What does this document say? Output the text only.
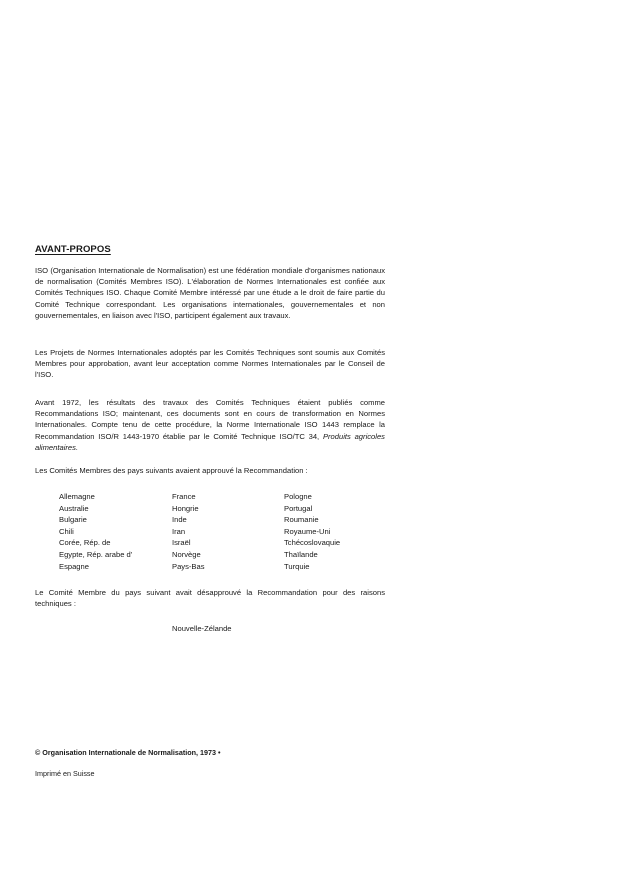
AVANT-PROPOS

ISO (Organisation Internationale de Normalisation) est une fédération mondiale d'organismes nationaux de normalisation (Comités Membres ISO). L'élaboration de Normes Internationales est confiée aux Comités Techniques ISO. Chaque Comité Membre intéressé par une étude a le droit de faire partie du Comité Technique correspondant. Les organisations internationales, gouvernementales et non gouvernementales, en liaison avec l'ISO, participent également aux travaux.

Les Projets de Normes Internationales adoptés par les Comités Techniques sont soumis aux Comités Membres pour approbation, avant leur acceptation comme Normes Internationales par le Conseil de l'ISO.

Avant 1972, les résultats des travaux des Comités Techniques étaient publiés comme Recommandations ISO; maintenant, ces documents sont en cours de transformation en Normes Internationales. Compte tenu de cette procédure, la Norme Internationale ISO 1443 remplace la Recommandation ISO/R 1443-1970 établie par le Comité Technique ISO/TC 34, Produits agricoles alimentaires.

Les Comités Membres des pays suivants avaient approuvé la Recommandation :

Allemagne
Australie
Bulgarie
Chili
Corée, Rép. de
Egypte, Rép. arabe d'
Espagne
France
Hongrie
Inde
Iran
Israël
Norvège
Pays-Bas
Pologne
Portugal
Roumanie
Royaume-Uni
Tchécoslovaquie
Thaïlande
Turquie

Le Comité Membre du pays suivant avait désapprouvé la Recommandation pour des raisons techniques :

Nouvelle-Zélande
© Organisation Internationale de Normalisation, 1973 •
Imprimé en Suisse
